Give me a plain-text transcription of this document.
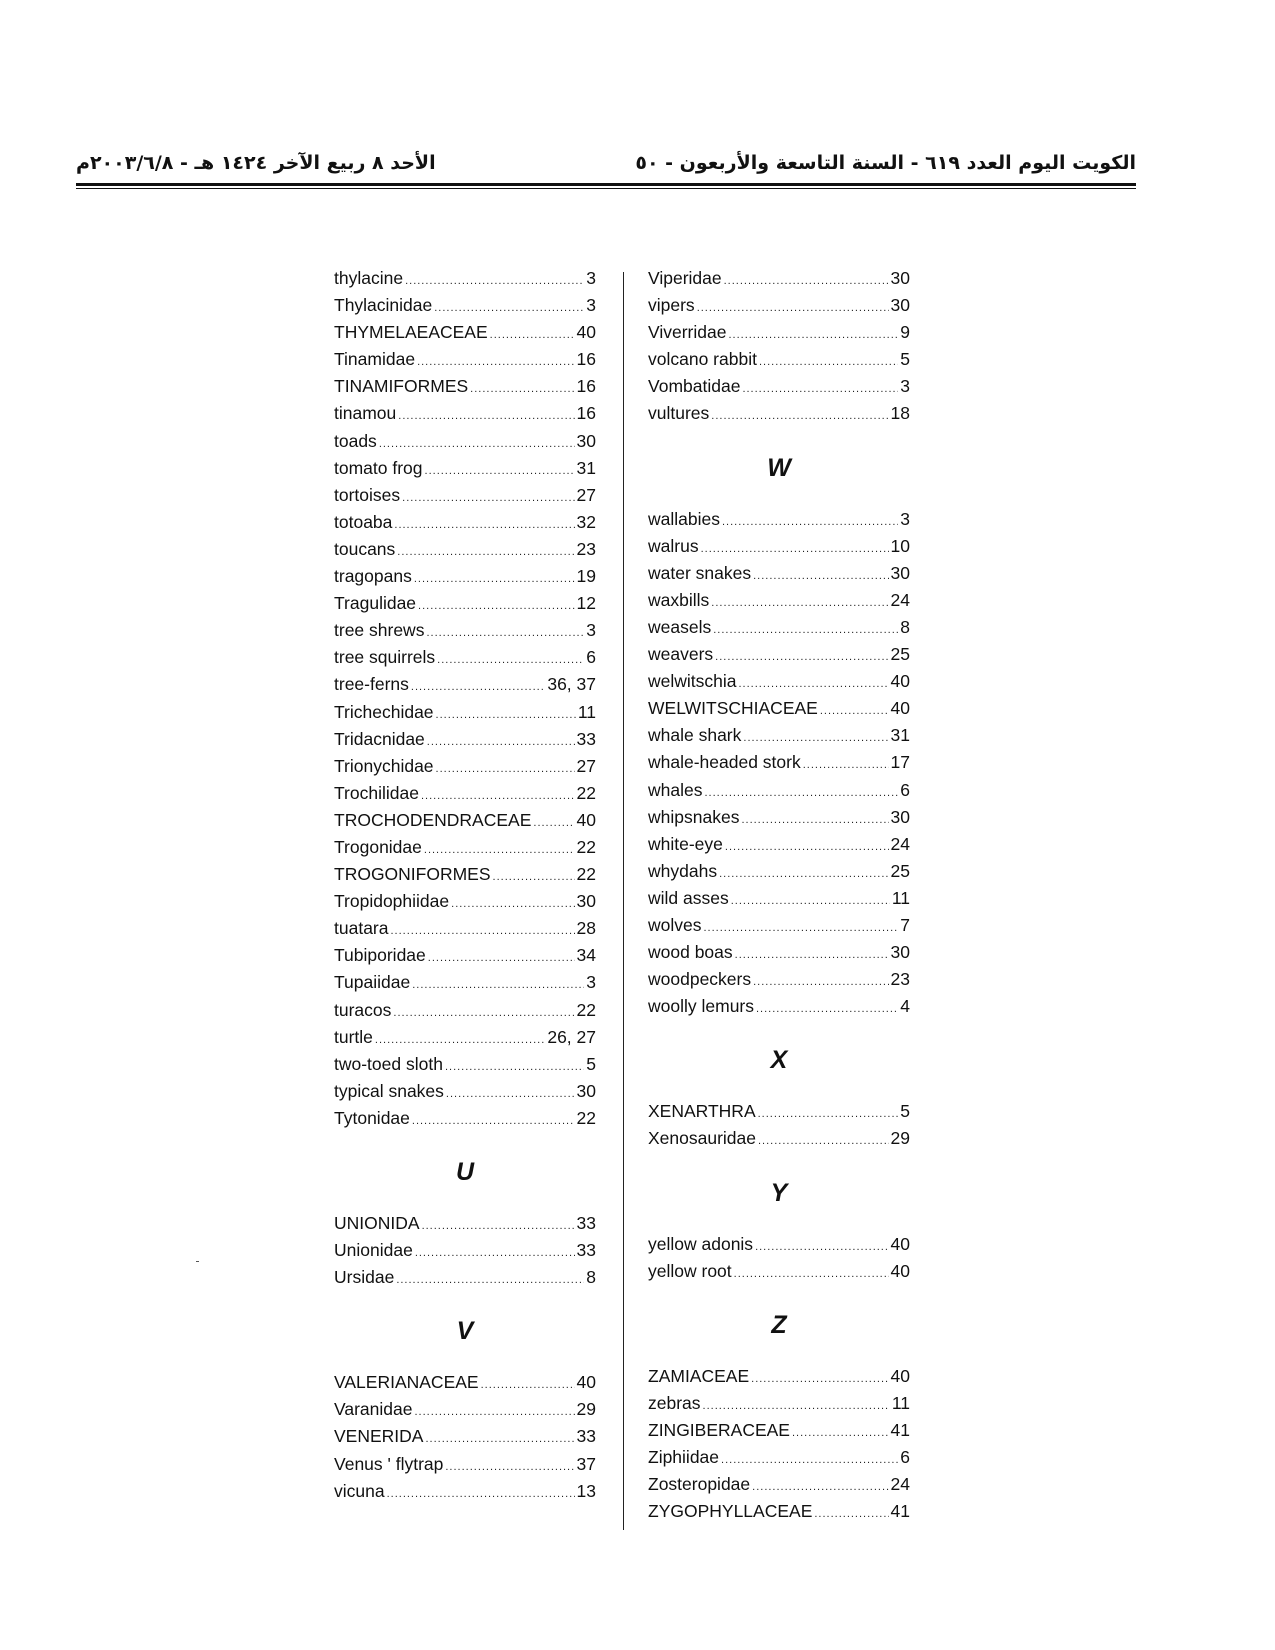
الكويت اليوم العدد ٦١٩ - السنة التاسعة والأربعون - ٥٠
الأحد ٨ ربيع الآخر ١٤٢٤ هـ - ٢٠٠٣/٦/٨م
thylacine .....	3
Thylacinidae .....	3
THYMELAEACEAE .....	40
Tinamidae .....	16
TINAMIFORMES .....	16
tinamou .....	16
toads .....	30
tomato frog .....	31
tortoises .....	27
totoaba .....	32
toucans .....	23
tragopans .....	19
Tragulidae .....	12
tree shrews .....	3
tree squirrels .....	6
tree-ferns .....	36, 37
Trichechidae .....	11
Tridacnidae .....	33
Trionychidae .....	27
Trochilidae .....	22
TROCHODENDRACEAE .....	40
Trogonidae .....	22
TROGONIFORMES .....	22
Tropidophiidae .....	30
tuatara .....	28
Tubiporidae .....	34
Tupaiidae .....	3
turacos .....	22
turtle .....	26, 27
two-toed sloth .....	5
typical snakes .....	30
Tytonidae .....	22
U
UNIONIDA .....	33
Unionidae .....	33
Ursidae .....	8
V
VALERIANACEAE .....	40
Varanidae .....	29
VENERIDA .....	33
Venus ' flytrap .....	37
vicuna .....	13
Viperidae .....	30
vipers .....	30
Viverridae .....	9
volcano rabbit .....	5
Vombatidae .....	3
vultures .....	18
W
wallabies .....	3
walrus .....	10
water snakes .....	30
waxbills .....	24
weasels .....	8
weavers .....	25
welwitschia .....	40
WELWITSCHIACEAE .....	40
whale shark .....	31
whale-headed stork .....	17
whales .....	6
whipsnakes .....	30
white-eye .....	24
whydahs .....	25
wild asses .....	11
wolves .....	7
wood boas .....	30
woodpeckers .....	23
woolly lemurs .....	4
X
XENARTHRA .....	5
Xenosauridae .....	29
Y
yellow adonis .....	40
yellow root .....	40
Z
ZAMIACEAE .....	40
zebras .....	11
ZINGIBERACEAE .....	41
Ziphiidae .....	6
Zosteropidae .....	24
ZYGOPHYLLACEAE .....	41
